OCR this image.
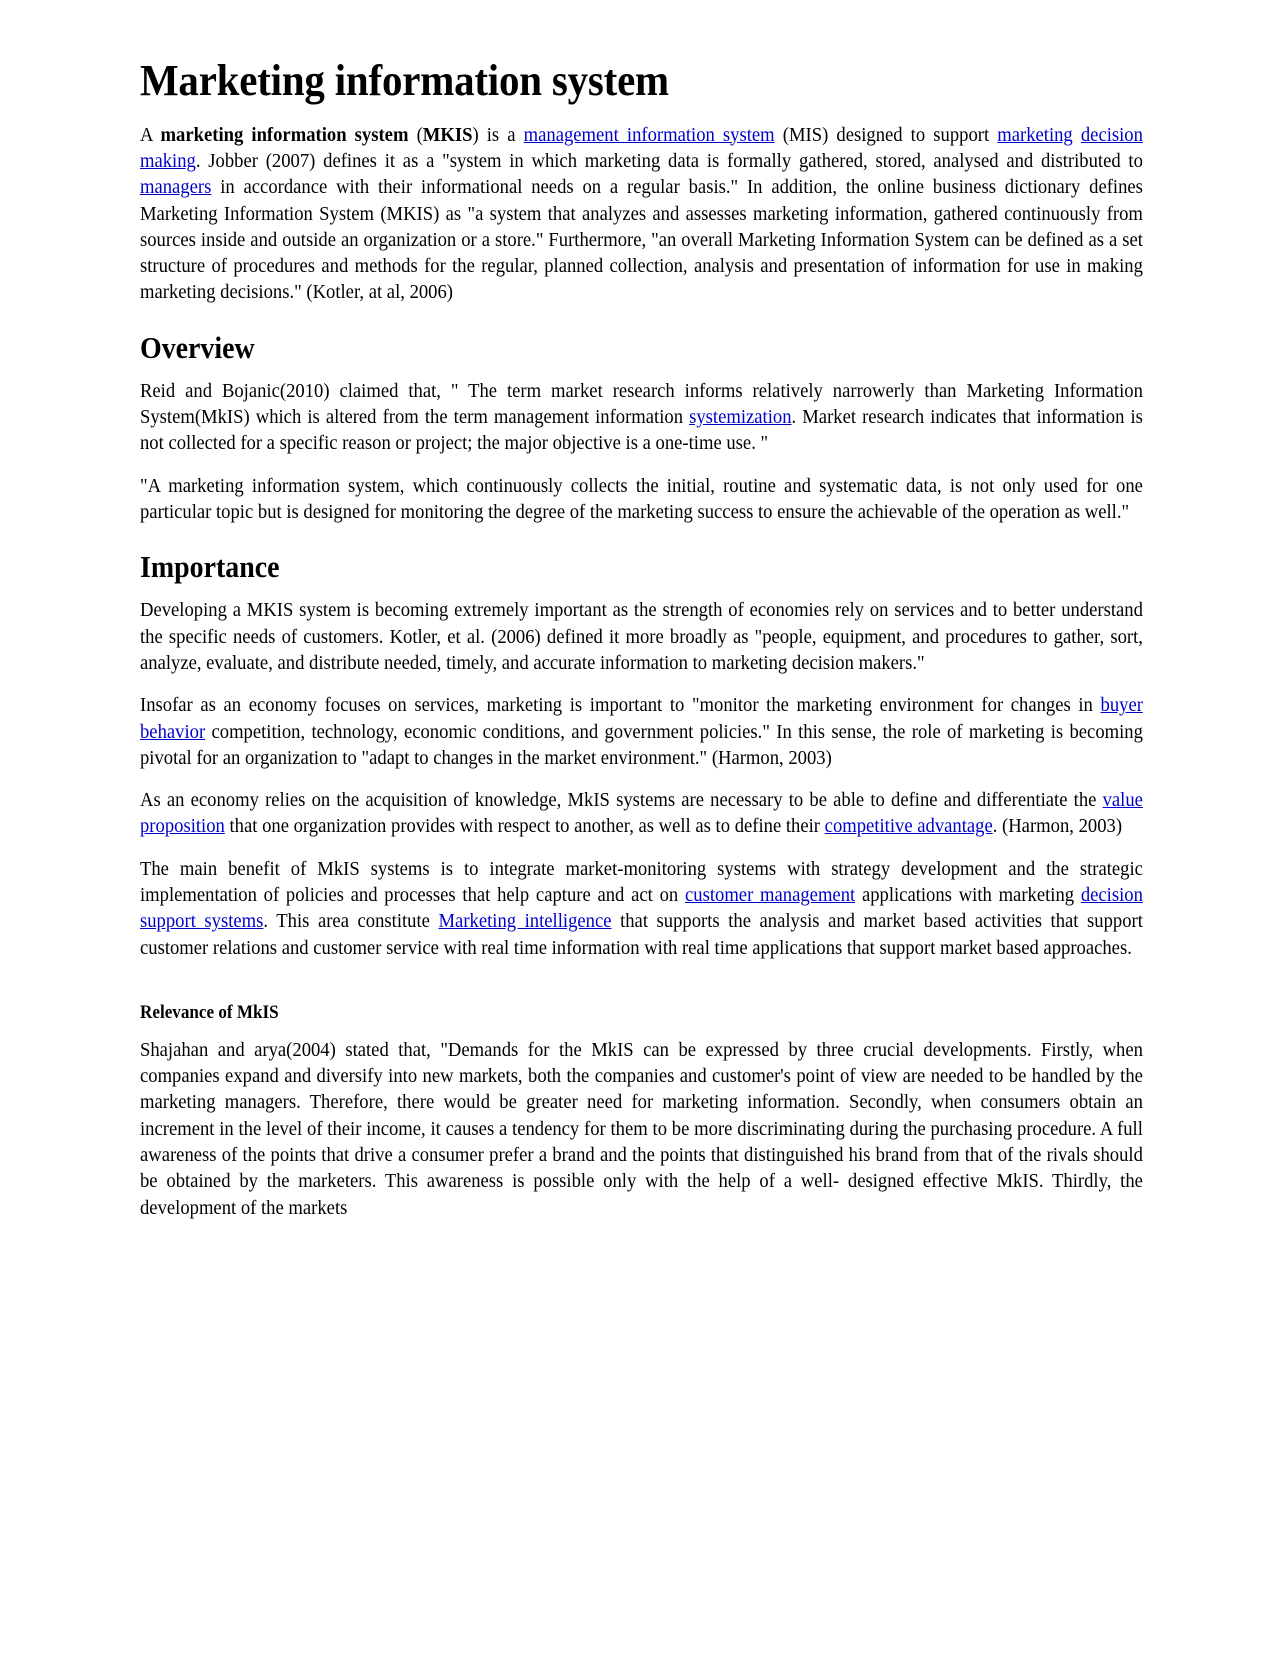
Marketing information system

A marketing information system (MKIS) is a management information system (MIS) designed to support marketing decision making. Jobber (2007) defines it as a "system in which marketing data is formally gathered, stored, analysed and distributed to managers in accordance with their informational needs on a regular basis." In addition, the online business dictionary defines Marketing Information System (MKIS) as "a system that analyzes and assesses marketing information, gathered continuously from sources inside and outside an organization or a store." Furthermore, "an overall Marketing Information System can be defined as a set structure of procedures and methods for the regular, planned collection, analysis and presentation of information for use in making marketing decisions." (Kotler, at al, 2006)

Overview

Reid and Bojanic(2010) claimed that, " The term market research informs relatively narrowerly than Marketing Information System(MkIS) which is altered from the term management information systemization. Market research indicates that information is not collected for a specific reason or project; the major objective is a one-time use. "

"A marketing information system, which continuously collects the initial, routine and systematic data, is not only used for one particular topic but is designed for monitoring the degree of the marketing success to ensure the achievable of the operation as well."

Importance

Developing a MKIS system is becoming extremely important as the strength of economies rely on services and to better understand the specific needs of customers. Kotler, et al. (2006) defined it more broadly as "people, equipment, and procedures to gather, sort, analyze, evaluate, and distribute needed, timely, and accurate information to marketing decision makers."

Insofar as an economy focuses on services, marketing is important to "monitor the marketing environment for changes in buyer behavior competition, technology, economic conditions, and government policies." In this sense, the role of marketing is becoming pivotal for an organization to "adapt to changes in the market environment." (Harmon, 2003)

As an economy relies on the acquisition of knowledge, MkIS systems are necessary to be able to define and differentiate the value proposition that one organization provides with respect to another, as well as to define their competitive advantage. (Harmon, 2003)

The main benefit of MkIS systems is to integrate market-monitoring systems with strategy development and the strategic implementation of policies and processes that help capture and act on customer management applications with marketing decision support systems. This area constitute Marketing intelligence that supports the analysis and market based activities that support customer relations and customer service with real time information with real time applications that support market based approaches.

Relevance of MkIS

Shajahan and arya(2004) stated that, "Demands for the MkIS can be expressed by three crucial developments. Firstly, when companies expand and diversify into new markets, both the companies and customer's point of view are needed to be handled by the marketing managers. Therefore, there would be greater need for marketing information. Secondly, when consumers obtain an increment in the level of their income, it causes a tendency for them to be more discriminating during the purchasing procedure. A full awareness of the points that drive a consumer prefer a brand and the points that distinguished his brand from that of the rivals should be obtained by the marketers. This awareness is possible only with the help of a well- designed effective MkIS. Thirdly, the development of the markets
